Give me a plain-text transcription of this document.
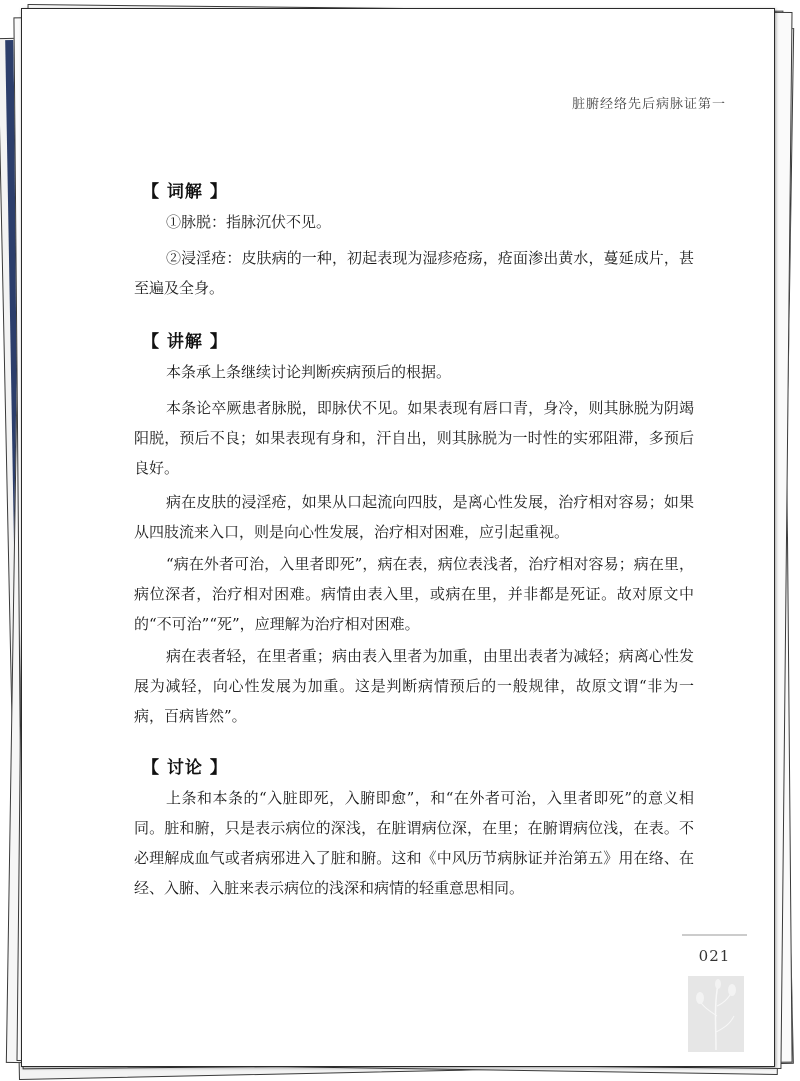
脏腑经络先后病脉证第一
【 词解 】

①脉脱：指脉沉伏不见。

②浸淫疮：皮肤病的一种，初起表现为湿疹疮疡，疮面渗出黄水，蔓延成片，甚至遍及全身。

【 讲解 】

本条承上条继续讨论判断疾病预后的根据。

本条论卒厥患者脉脱，即脉伏不见。如果表现有唇口青，身冷，则其脉脱为阴竭阳脱，预后不良；如果表现有身和，汗自出，则其脉脱为一时性的实邪阻滞，多预后良好。

病在皮肤的浸淫疮，如果从口起流向四肢，是离心性发展，治疗相对容易；如果从四肢流来入口，则是向心性发展，治疗相对困难，应引起重视。

“病在外者可治，入里者即死”，病在表，病位表浅者，治疗相对容易；病在里，病位深者，治疗相对困难。病情由表入里，或病在里，并非都是死证。故对原文中的“不可治”“死”，应理解为治疗相对困难。

病在表者轻，在里者重；病由表入里者为加重，由里出表者为减轻；病离心性发展为减轻，向心性发展为加重。这是判断病情预后的一般规律，故原文谓“非为一病，百病皆然”。

【 讨论 】

上条和本条的“入脏即死，入腑即愈”，和“在外者可治，入里者即死”的意义相同。脏和腑，只是表示病位的深浅，在脏谓病位深，在里；在腑谓病位浅，在表。不必理解成血气或者病邪进入了脏和腑。这和《中风历节病脉证并治第五》用在络、在经、入腑、入脏来表示病位的浅深和病情的轻重意思相同。

021
